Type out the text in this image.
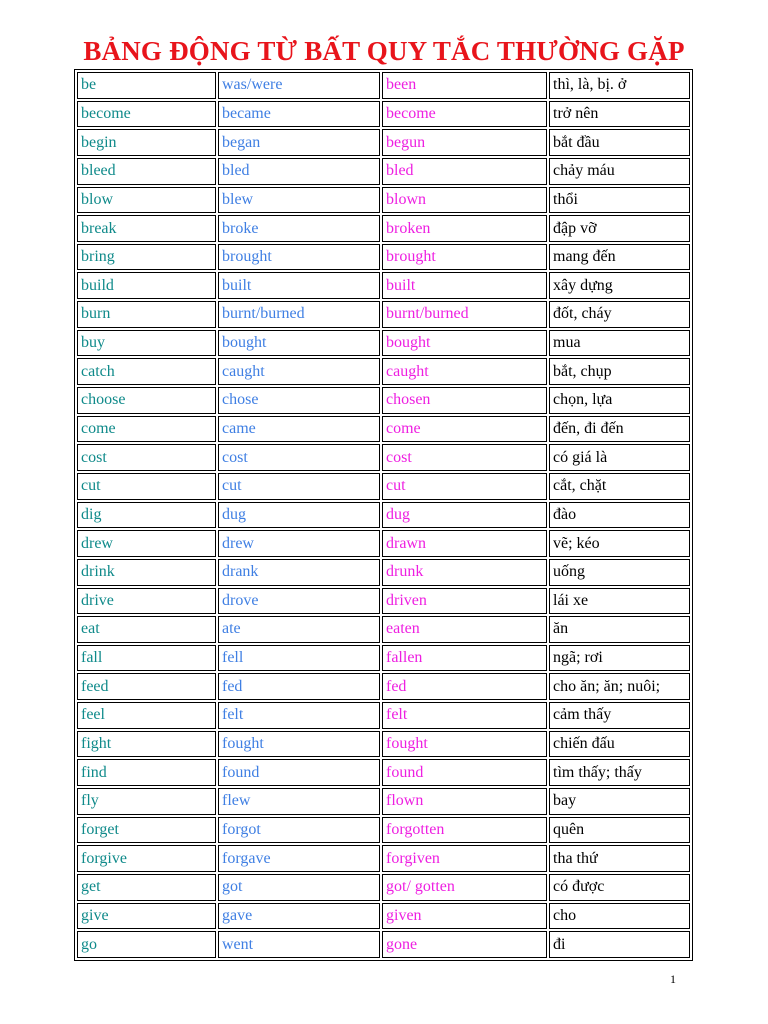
BẢNG ĐỘNG TỪ BẤT QUY TẮC THƯỜNG GẶP
be	was/were	been	thì, là, bị. ở
become	became	become	trở nên
begin	began	begun	bắt đầu
bleed	bled	bled	chảy máu
blow	blew	blown	thổi
break	broke	broken	đập vỡ
bring	brought	brought	mang đến
build	built	built	xây dựng
burn	burnt/burned	burnt/burned	đốt, cháy
buy	bought	bought	mua
catch	caught	caught	bắt, chụp
choose	chose	chosen	chọn, lựa
come	came	come	đến, đi đến
cost	cost	cost	có giá là
cut	cut	cut	cắt, chặt
dig	dug	dug	đào
drew	drew	drawn	vẽ; kéo
drink	drank	drunk	uống
drive	drove	driven	lái xe
eat	ate	eaten	ăn
fall	fell	fallen	ngã; rơi
feed	fed	fed	cho ăn; ăn; nuôi;
feel	felt	felt	cảm thấy
fight	fought	fought	chiến đấu
find	found	found	tìm thấy; thấy
fly	flew	flown	bay
forget	forgot	forgotten	quên
forgive	forgave	forgiven	tha thứ
get	got	got/ gotten	có được
give	gave	given	cho
go	went	gone	đi
1
